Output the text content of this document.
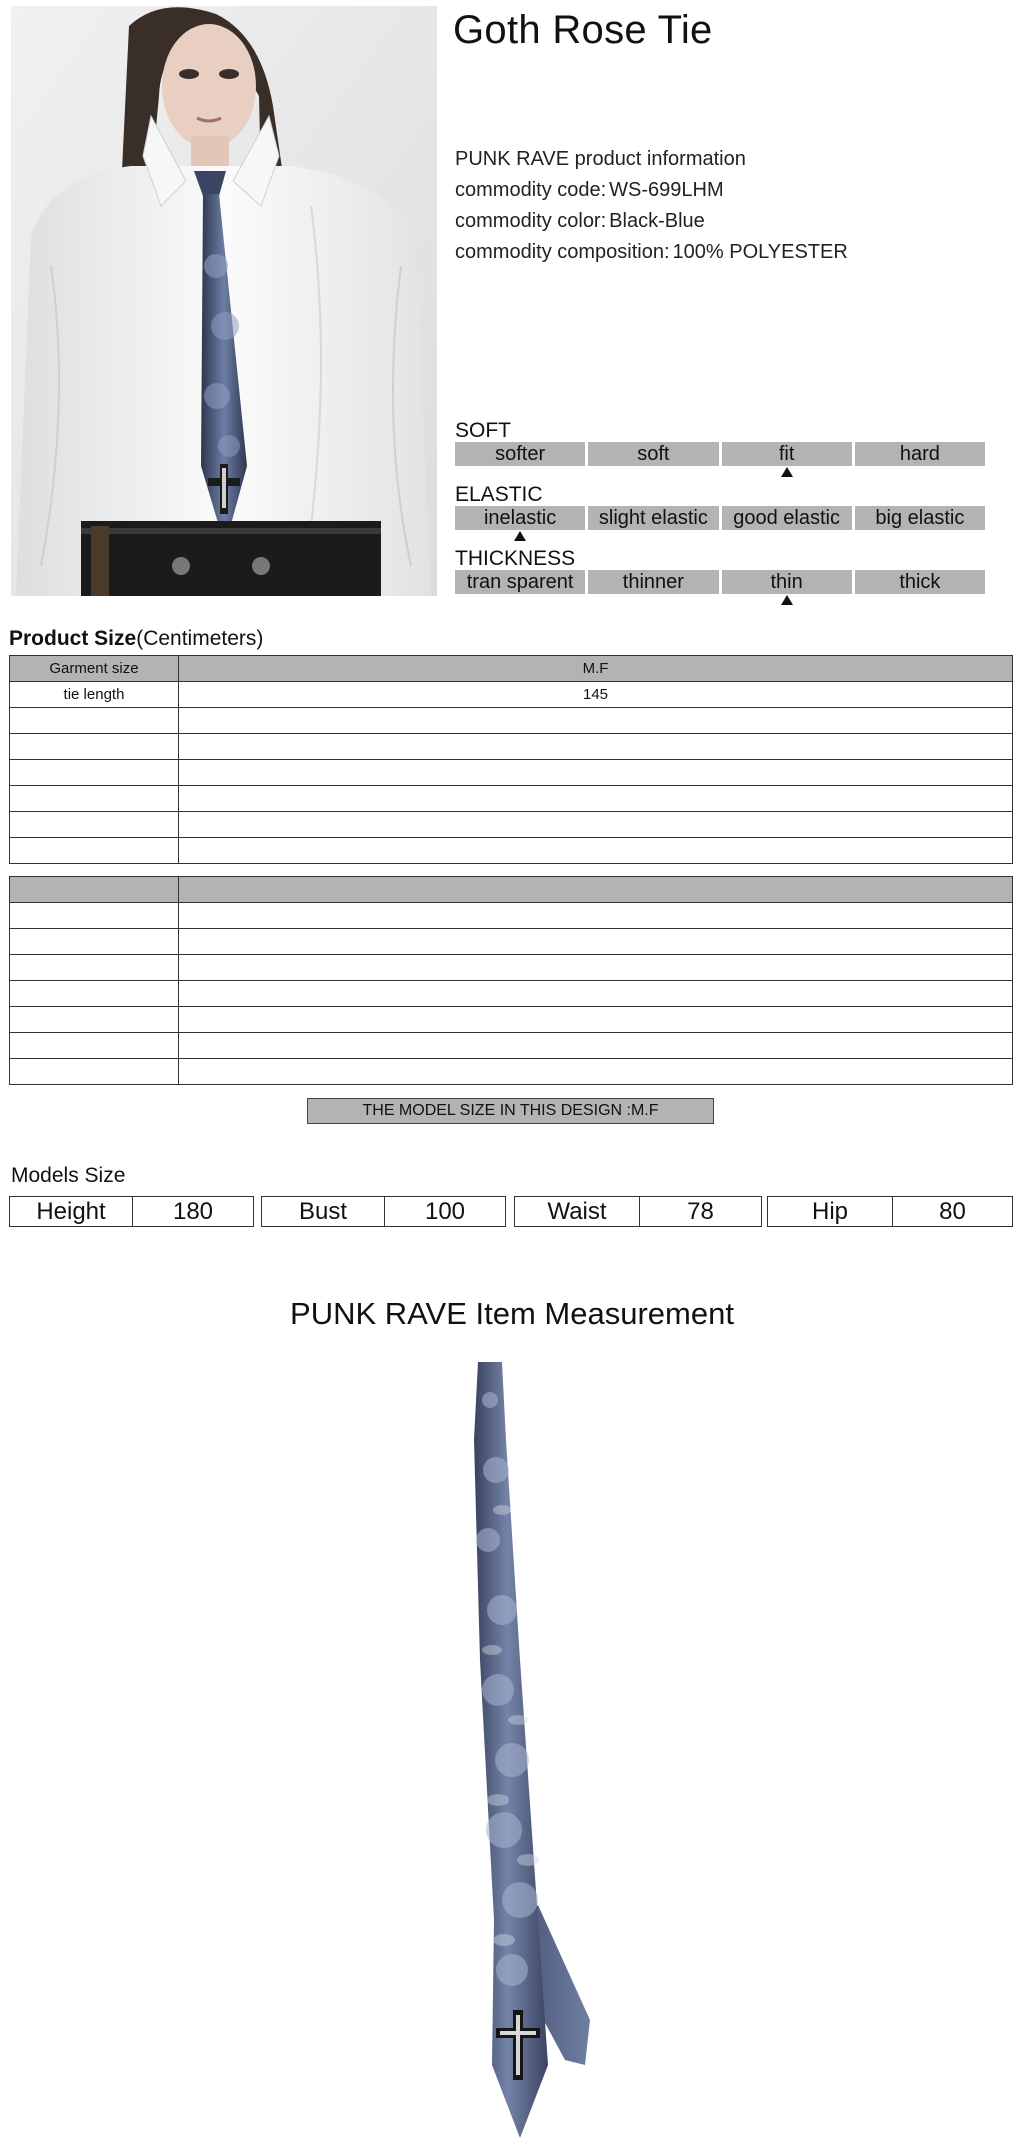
Goth Rose Tie
PUNK RAVE product information
commodity code: WS-699LHM
commodity color: Black-Blue
commodity composition: 100% POLYESTER
SOFT
softer	soft	fit	hard
ELASTIC
inelastic	slight elastic	good elastic	big elastic
THICKNESS
tran sparent	thinner	thin	thick
Product Size(Centimeters)
Garment size	M.F
tie length	145

THE MODEL SIZE IN THIS DESIGN :M.F
Models Size
Height	180	Bust	100	Waist	78	Hip	80
PUNK RAVE Item Measurement
